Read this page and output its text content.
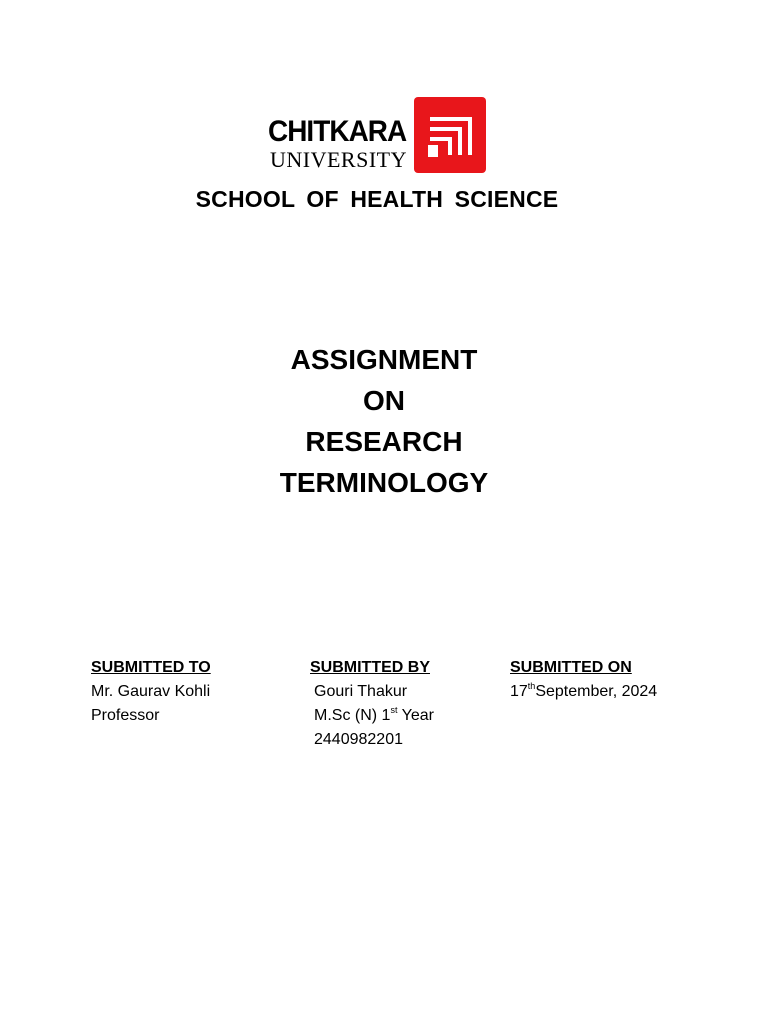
CHITKARA
UNIVERSITY
SCHOOL OF HEALTH SCIENCE
ASSIGNMENT
ON
RESEARCH
TERMINOLOGY
SUBMITTED TO
Mr. Gaurav Kohli
Professor
SUBMITTED BY
Gouri Thakur
M.Sc (N) 1st Year
2440982201
SUBMITTED ON
17thSeptember, 2024
